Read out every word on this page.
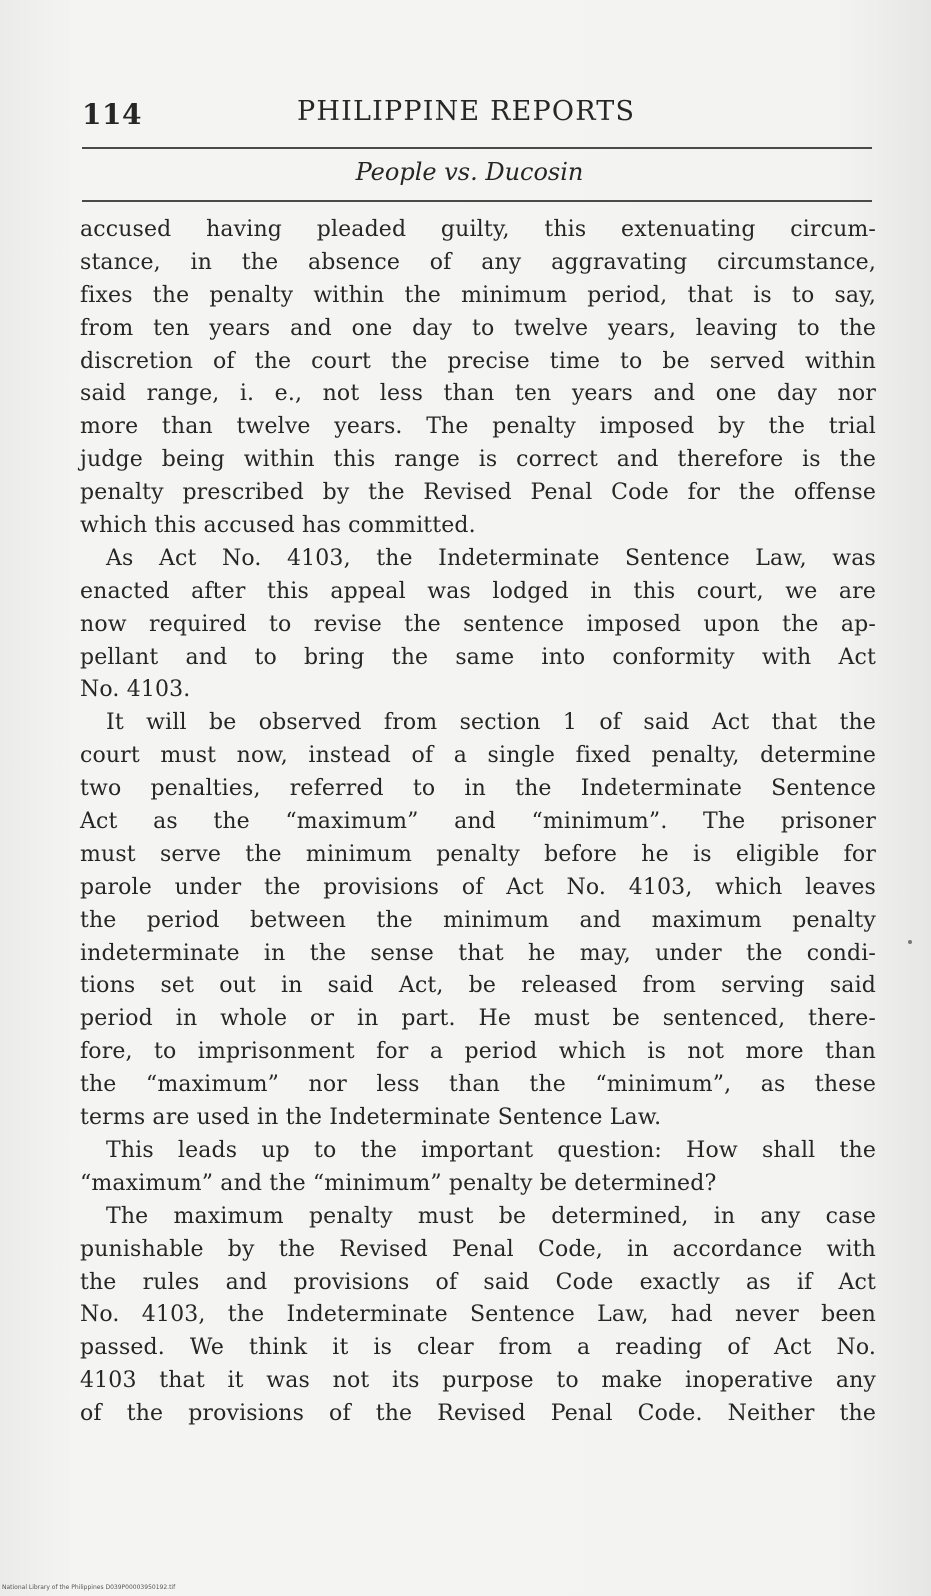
114	PHILIPPINE REPORTS
People vs. Ducosin
accused having pleaded guilty, this extenuating circum-
stance, in the absence of any aggravating circumstance,
fixes the penalty within the minimum period, that is to say,
from ten years and one day to twelve years, leaving to the
discretion of the court the precise time to be served within
said range, i. e., not less than ten years and one day nor
more than twelve years. The penalty imposed by the trial
judge being within this range is correct and therefore is the
penalty prescribed by the Revised Penal Code for the offense
which this accused has committed.
As Act No. 4103, the Indeterminate Sentence Law, was
enacted after this appeal was lodged in this court, we are
now required to revise the sentence imposed upon the ap-
pellant and to bring the same into conformity with Act
No. 4103.
It will be observed from section 1 of said Act that the
court must now, instead of a single fixed penalty, determine
two penalties, referred to in the Indeterminate Sentence
Act as the “maximum” and “minimum”. The prisoner
must serve the minimum penalty before he is eligible for
parole under the provisions of Act No. 4103, which leaves
the period between the minimum and maximum penalty
indeterminate in the sense that he may, under the condi-
tions set out in said Act, be released from serving said
period in whole or in part. He must be sentenced, there-
fore, to imprisonment for a period which is not more than
the “maximum” nor less than the “minimum”, as these
terms are used in the Indeterminate Sentence Law.
This leads up to the important question: How shall the
“maximum” and the “minimum” penalty be determined?
The maximum penalty must be determined, in any case
punishable by the Revised Penal Code, in accordance with
the rules and provisions of said Code exactly as if Act
No. 4103, the Indeterminate Sentence Law, had never been
passed. We think it is clear from a reading of Act No.
4103 that it was not its purpose to make inoperative any
of the provisions of the Revised Penal Code. Neither the
National Library of the Philippines D039P00003950192.tif
